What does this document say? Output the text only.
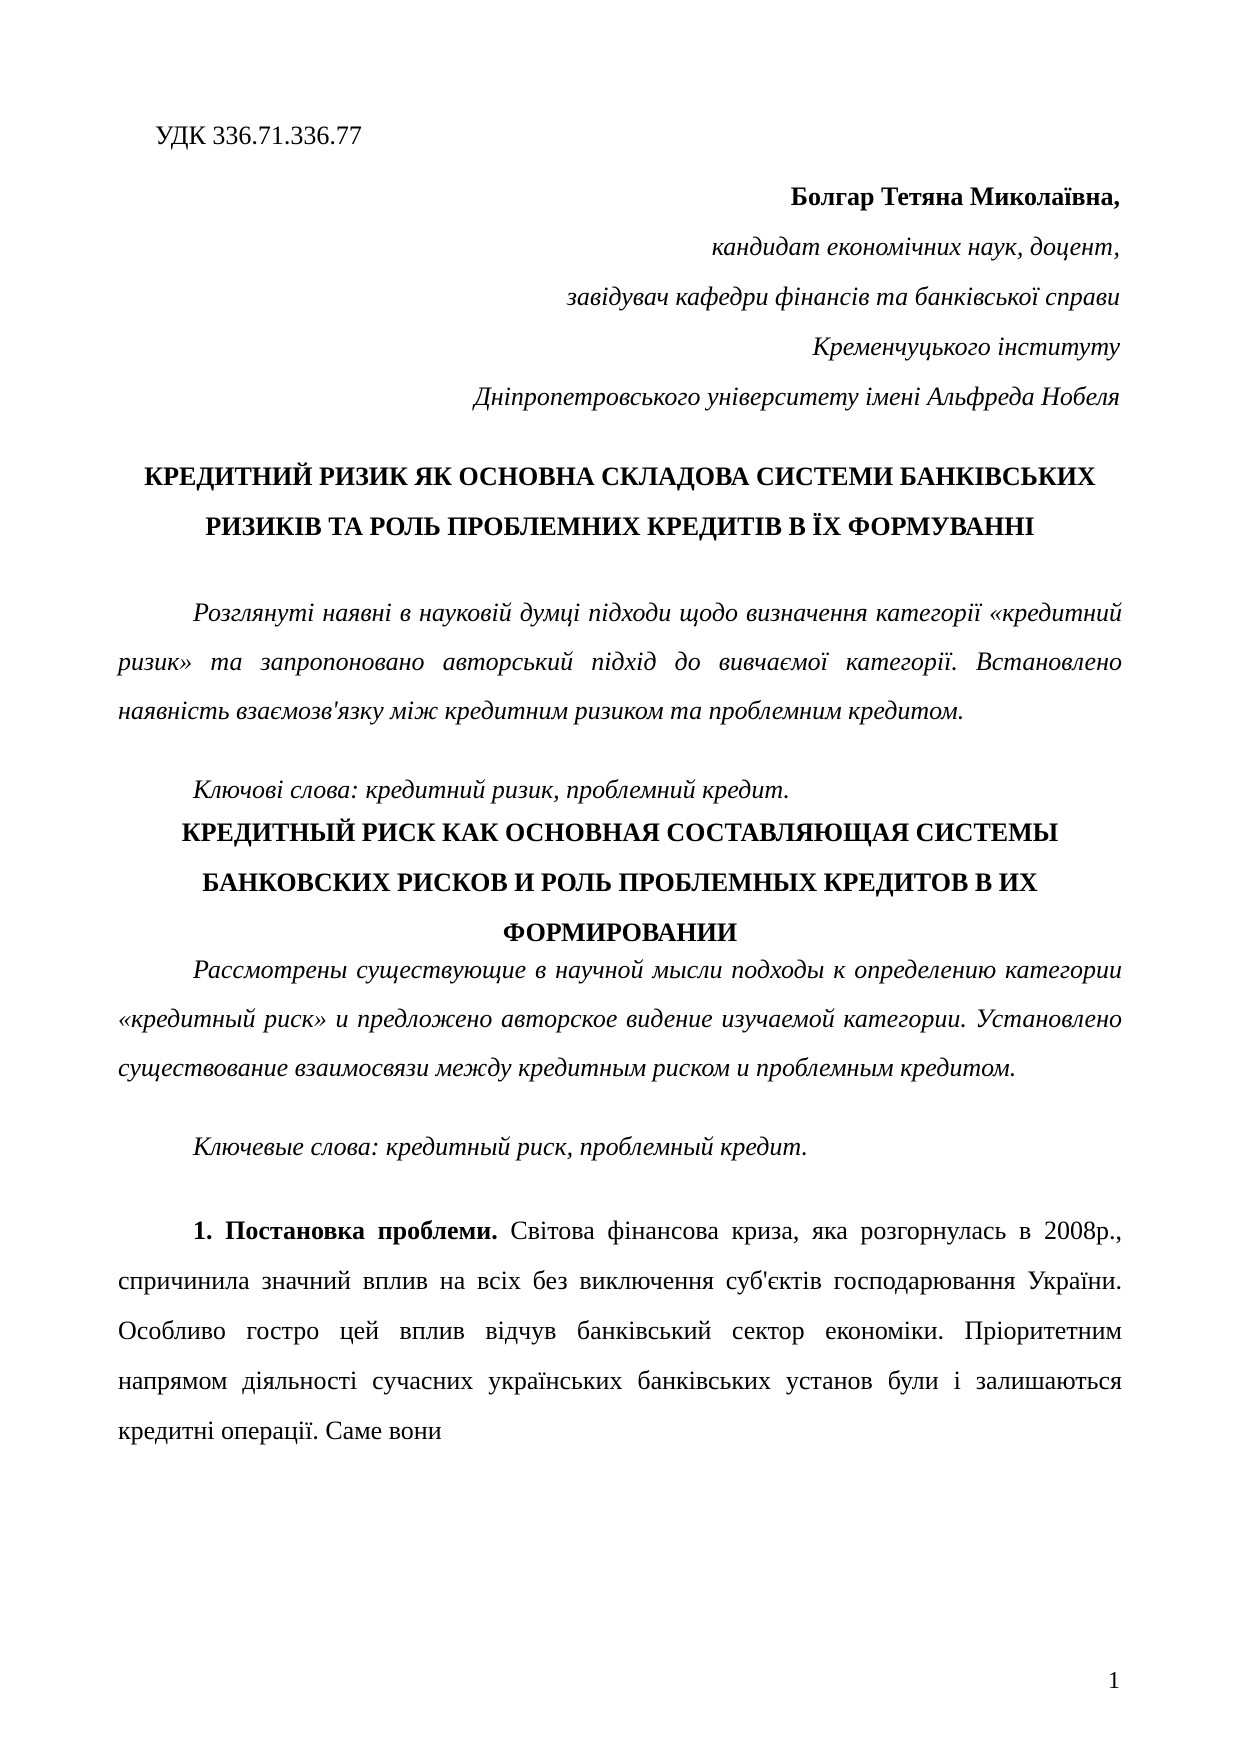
УДК 336.71.336.77
Болгар Тетяна Миколаївна,
кандидат економічних наук, доцент,
завідувач кафедри фінансів та банківської справи
Кременчуцького інституту
Дніпропетровського університету імені Альфреда Нобеля
КРЕДИТНИЙ РИЗИК ЯК ОСНОВНА СКЛАДОВА СИСТЕМИ БАНКІВСЬКИХ РИЗИКІВ ТА РОЛЬ ПРОБЛЕМНИХ КРЕДИТІВ В ЇХ ФОРМУВАННІ
Розглянуті наявні в науковій думці підходи щодо визначення категорії «кредитний ризик» та запропоновано авторський підхід до вивчаємої категорії. Встановлено наявність взаємозв'язку між кредитним ризиком та проблемним кредитом.
Ключові слова: кредитний ризик, проблемний кредит.
КРЕДИТНЫЙ РИСК КАК ОСНОВНАЯ СОСТАВЛЯЮЩАЯ СИСТЕМЫ БАНКОВСКИХ РИСКОВ И РОЛЬ ПРОБЛЕМНЫХ КРЕДИТОВ В ИХ ФОРМИРОВАНИИ
Рассмотрены существующие в научной мысли подходы к определению категории «кредитный риск» и предложено авторское видение изучаемой категории. Установлено существование взаимосвязи между кредитным риском и проблемным кредитом.
Ключевые слова: кредитный риск, проблемный кредит.
1. Постановка проблеми. Світова фінансова криза, яка розгорнулась в 2008р., спричинила значний вплив на всіх без виключення суб'єктів господарювання України. Особливо гостро цей вплив відчув банківський сектор економіки. Пріоритетним напрямом діяльності сучасних українських банківських установ були і залишаються кредитні операції. Саме вони
1
